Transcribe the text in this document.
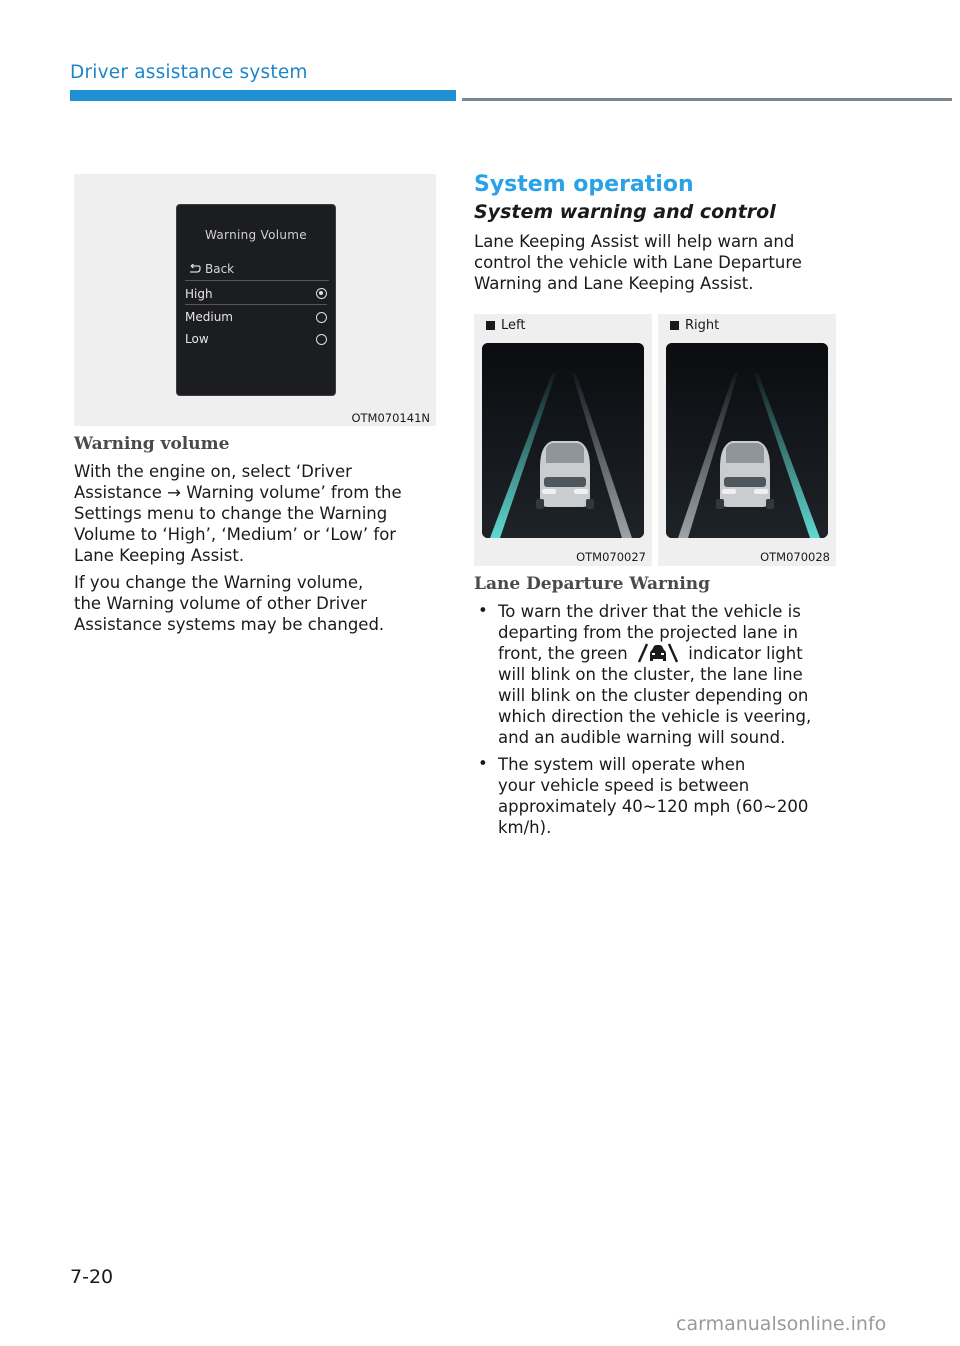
Driver assistance system
Warning Volume
Back
High
Medium
Low
OTM070141N
Warning volume
With the engine on, select ‘Driver
Assistance → Warning volume’ from the
Settings menu to change the Warning
Volume to ‘High’, ‘Medium’ or ‘Low’ for
Lane Keeping Assist.
If you change the Warning volume,
the Warning volume of other Driver
Assistance systems may be changed.
System operation
System warning and control
Lane Keeping Assist will help warn and
control the vehicle with Lane Departure
Warning and Lane Keeping Assist.
Left
OTM070027
Right
OTM070028
Lane Departure Warning
• To warn the driver that the vehicle is
departing from the projected lane in
front, the green	indicator light
will blink on the cluster, the lane line
will blink on the cluster depending on
which direction the vehicle is veering,
and an audible warning will sound.
• The system will operate when
your vehicle speed is between
approximately 40~120 mph (60~200
km/h).
7-20
carmanualsonline.info
